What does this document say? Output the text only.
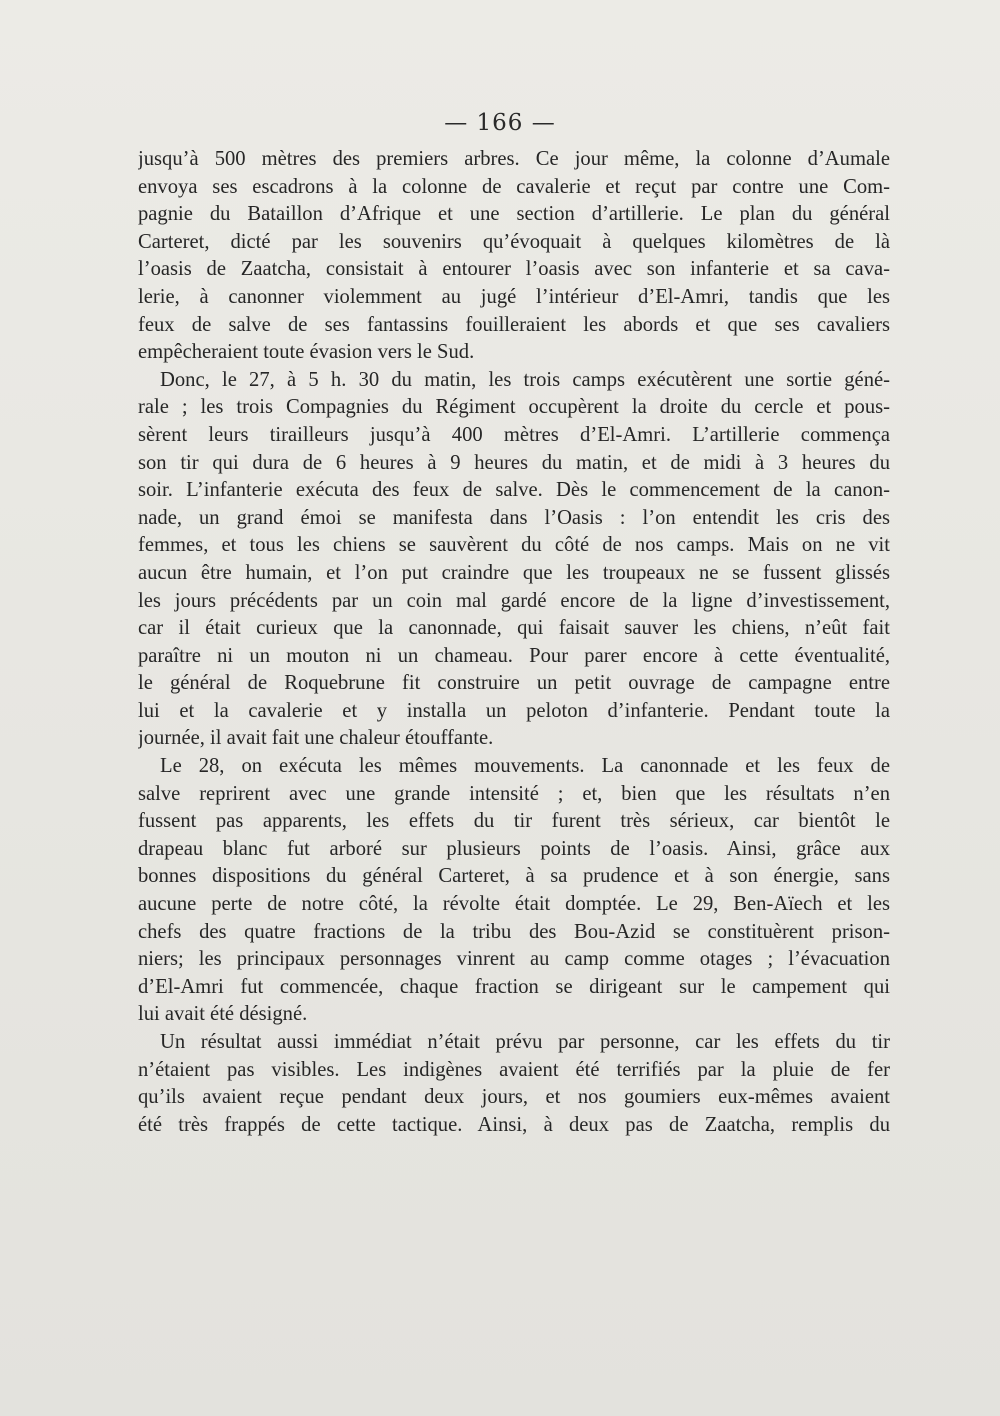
— 166 —
jusqu’à 500 mètres des premiers arbres. Ce jour même, la colonne d’Aumale
envoya ses escadrons à la colonne de cavalerie et reçut par contre une Com-
pagnie du Bataillon d’Afrique et une section d’artillerie. Le plan du général
Carteret, dicté par les souvenirs qu’évoquait à quelques kilomètres de là
l’oasis de Zaatcha, consistait à entourer l’oasis avec son infanterie et sa cava-
lerie, à canonner violemment au jugé l’intérieur d’El-Amri, tandis que les
feux de salve de ses fantassins fouilleraient les abords et que ses cavaliers
empêcheraient toute évasion vers le Sud.
Donc, le 27, à 5 h. 30 du matin, les trois camps exécutèrent une sortie géné-
rale ; les trois Compagnies du Régiment occupèrent la droite du cercle et pous-
sèrent leurs tirailleurs jusqu’à 400 mètres d’El-Amri. L’artillerie commença
son tir qui dura de 6 heures à 9 heures du matin, et de midi à 3 heures du
soir. L’infanterie exécuta des feux de salve. Dès le commencement de la canon-
nade, un grand émoi se manifesta dans l’Oasis : l’on entendit les cris des
femmes, et tous les chiens se sauvèrent du côté de nos camps. Mais on ne vit
aucun être humain, et l’on put craindre que les troupeaux ne se fussent glissés
les jours précédents par un coin mal gardé encore de la ligne d’investissement,
car il était curieux que la canonnade, qui faisait sauver les chiens, n’eût fait
paraître ni un mouton ni un chameau. Pour parer encore à cette éventualité,
le général de Roquebrune fit construire un petit ouvrage de campagne entre
lui et la cavalerie et y installa un peloton d’infanterie. Pendant toute la
journée, il avait fait une chaleur étouffante.
Le 28, on exécuta les mêmes mouvements. La canonnade et les feux de
salve reprirent avec une grande intensité ; et, bien que les résultats n’en
fussent pas apparents, les effets du tir furent très sérieux, car bientôt le
drapeau blanc fut arboré sur plusieurs points de l’oasis. Ainsi, grâce aux
bonnes dispositions du général Carteret, à sa prudence et à son énergie, sans
aucune perte de notre côté, la révolte était domptée. Le 29, Ben-Aïech et les
chefs des quatre fractions de la tribu des Bou-Azid se constituèrent prison-
niers; les principaux personnages vinrent au camp comme otages ; l’évacuation
d’El-Amri fut commencée, chaque fraction se dirigeant sur le campement qui
lui avait été désigné.
Un résultat aussi immédiat n’était prévu par personne, car les effets du tir
n’étaient pas visibles. Les indigènes avaient été terrifiés par la pluie de fer
qu’ils avaient reçue pendant deux jours, et nos goumiers eux-mêmes avaient
été très frappés de cette tactique. Ainsi, à deux pas de Zaatcha, remplis du
